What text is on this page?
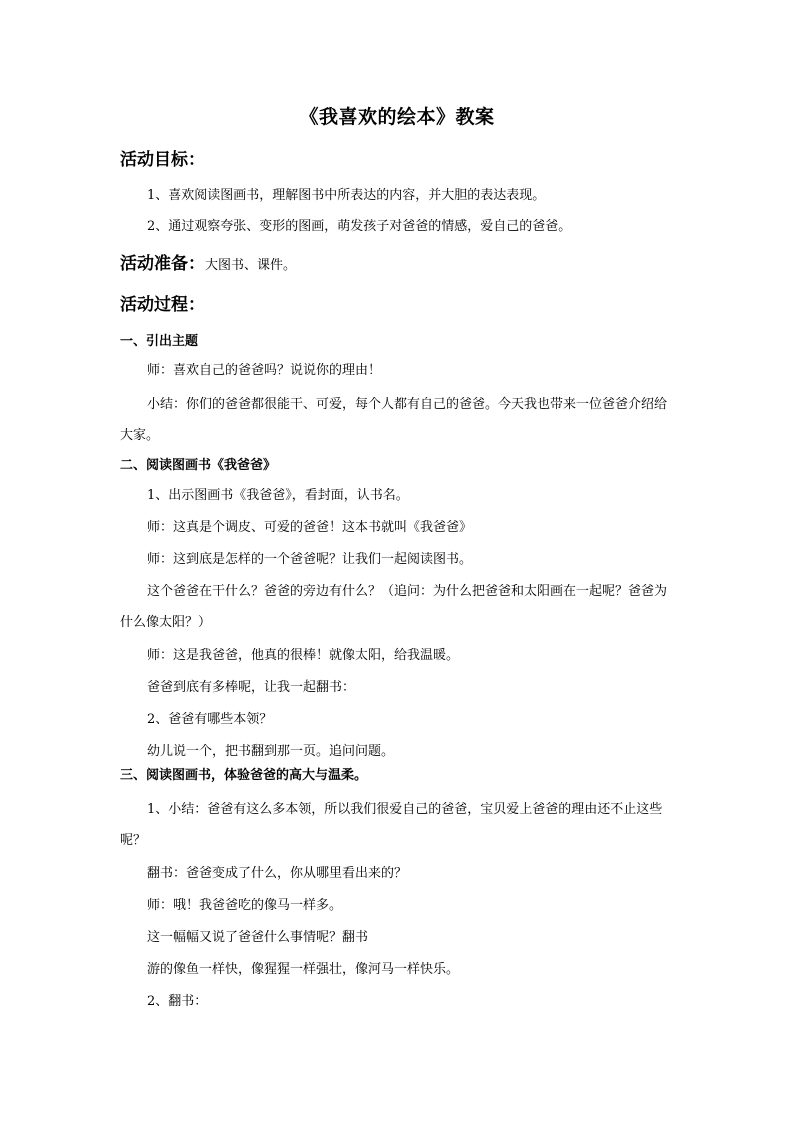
《我喜欢的绘本》教案
活动目标：
1、喜欢阅读图画书，理解图书中所表达的内容，并大胆的表达表现。
2、通过观察夸张、变形的图画，萌发孩子对爸爸的情感，爱自己的爸爸。
活动准备：大图书、课件。
活动过程：
一、引出主题
师：喜欢自己的爸爸吗？说说你的理由！
小结：你们的爸爸都很能干、可爱，每个人都有自己的爸爸。今天我也带来一位爸爸介绍给大家。
二、阅读图画书《我爸爸》
1、出示图画书《我爸爸》，看封面，认书名。
师：这真是个调皮、可爱的爸爸！这本书就叫《我爸爸》
师：这到底是怎样的一个爸爸呢？让我们一起阅读图书。
这个爸爸在干什么？爸爸的旁边有什么？（追问：为什么把爸爸和太阳画在一起呢？爸爸为什么像太阳？）
师：这是我爸爸，他真的很棒！就像太阳，给我温暖。
爸爸到底有多棒呢，让我一起翻书：
2、爸爸有哪些本领？
幼儿说一个，把书翻到那一页。追问问题。
三、阅读图画书，体验爸爸的高大与温柔。
1、小结：爸爸有这么多本领，所以我们很爱自己的爸爸，宝贝爱上爸爸的理由还不止这些呢？
翻书：爸爸变成了什么，你从哪里看出来的？
师：哦！我爸爸吃的像马一样多。
这一幅幅又说了爸爸什么事情呢？翻书
游的像鱼一样快，像猩猩一样强壮，像河马一样快乐。
2、翻书：
